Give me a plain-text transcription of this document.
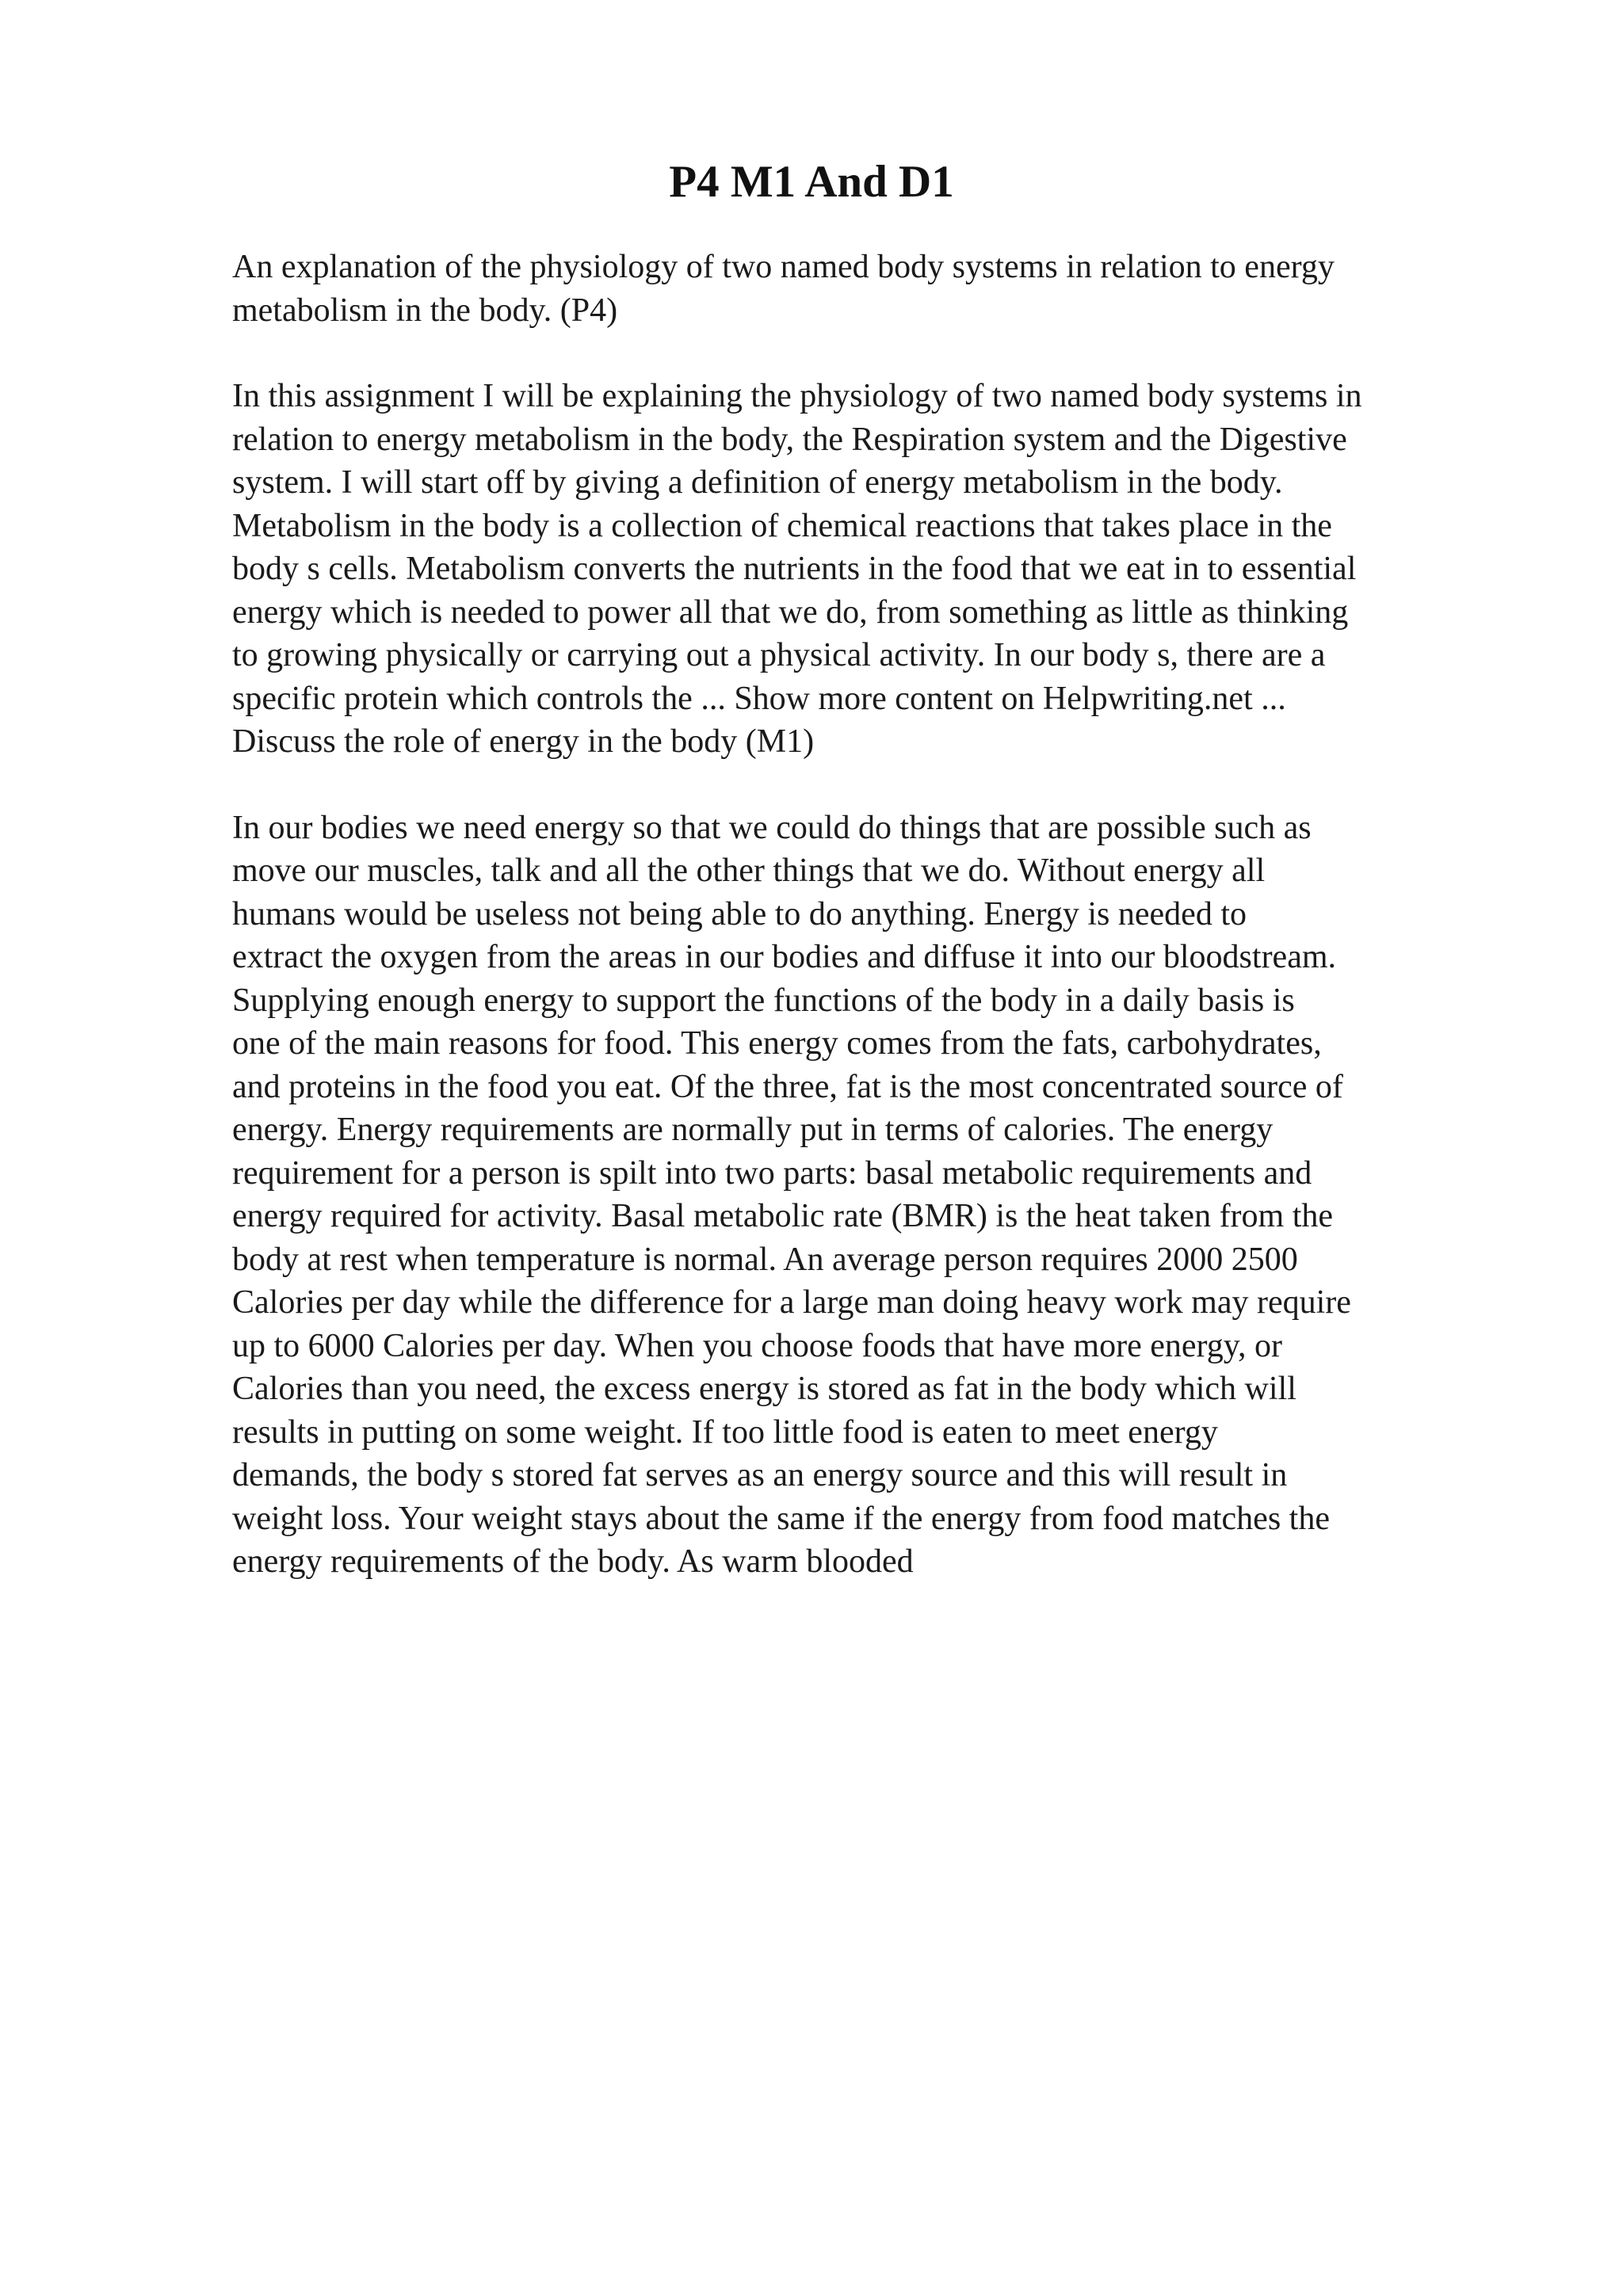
P4 M1 And D1

An explanation of the physiology of two named body systems in relation to energy
metabolism in the body. (P4)

In this assignment I will be explaining the physiology of two named body systems in
relation to energy metabolism in the body, the Respiration system and the Digestive
system. I will start off by giving a definition of energy metabolism in the body.
Metabolism in the body is a collection of chemical reactions that takes place in the
body s cells. Metabolism converts the nutrients in the food that we eat in to essential
energy which is needed to power all that we do, from something as little as thinking
to growing physically or carrying out a physical activity. In our body s, there are a
specific protein which controls the ... Show more content on Helpwriting.net ...
Discuss the role of energy in the body (M1)

In our bodies we need energy so that we could do things that are possible such as
move our muscles, talk and all the other things that we do. Without energy all
humans would be useless not being able to do anything. Energy is needed to
extract the oxygen from the areas in our bodies and diffuse it into our bloodstream.
Supplying enough energy to support the functions of the body in a daily basis is
one of the main reasons for food. This energy comes from the fats, carbohydrates,
and proteins in the food you eat. Of the three, fat is the most concentrated source of
energy. Energy requirements are normally put in terms of calories. The energy
requirement for a person is spilt into two parts: basal metabolic requirements and
energy required for activity. Basal metabolic rate (BMR) is the heat taken from the
body at rest when temperature is normal. An average person requires 2000 2500
Calories per day while the difference for a large man doing heavy work may require
up to 6000 Calories per day. When you choose foods that have more energy, or
Calories than you need, the excess energy is stored as fat in the body which will
results in putting on some weight. If too little food is eaten to meet energy
demands, the body s stored fat serves as an energy source and this will result in
weight loss. Your weight stays about the same if the energy from food matches the
energy requirements of the body. As warm blooded
